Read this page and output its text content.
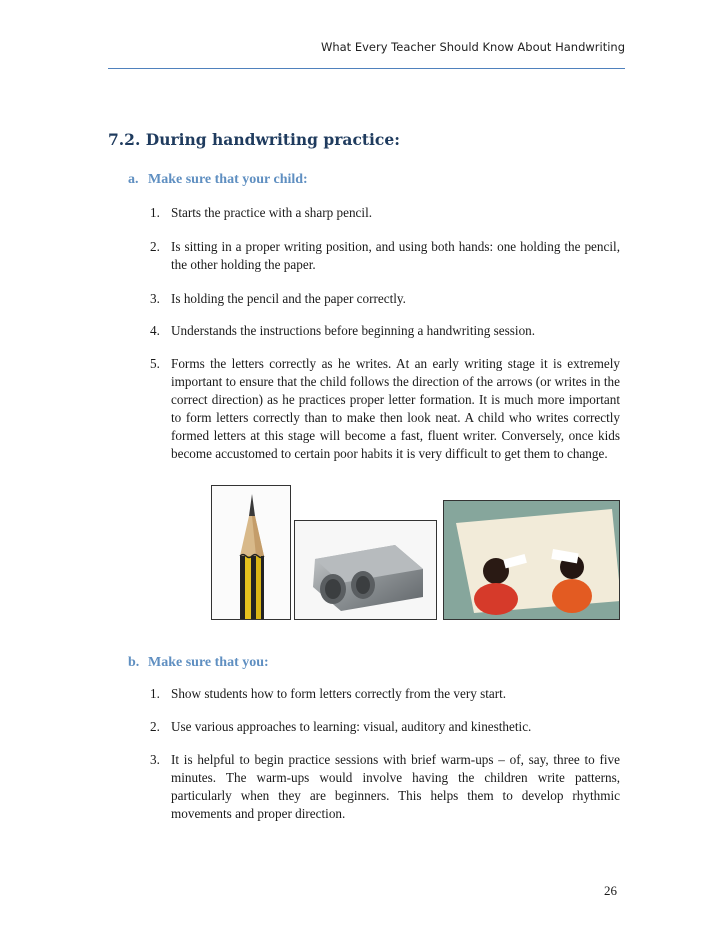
What Every Teacher Should Know About Handwriting
7.2. During handwriting practice:
a. Make sure that your child:
1. Starts the practice with a sharp pencil.
2. Is sitting in a proper writing position, and using both hands: one holding the pencil, the other holding the paper.
3. Is holding the pencil and the paper correctly.
4. Understands the instructions before beginning a handwriting session.
5. Forms the letters correctly as he writes. At an early writing stage it is extremely important to ensure that the child follows the direction of the arrows (or writes in the correct direction) as he practices proper letter formation. It is much more important to form letters correctly than to make then look neat. A child who writes correctly formed letters at this stage will become a fast, fluent writer. Conversely, once kids become accustomed to certain poor habits it is very difficult to get them to change.
b. Make sure that you:
1. Show students how to form letters correctly from the very start.
2. Use various approaches to learning: visual, auditory and kinesthetic.
3. It is helpful to begin practice sessions with brief warm-ups – of, say, three to five minutes. The warm-ups would involve having the children write patterns, particularly when they are beginners. This helps them to develop rhythmic movements and proper direction.
26
